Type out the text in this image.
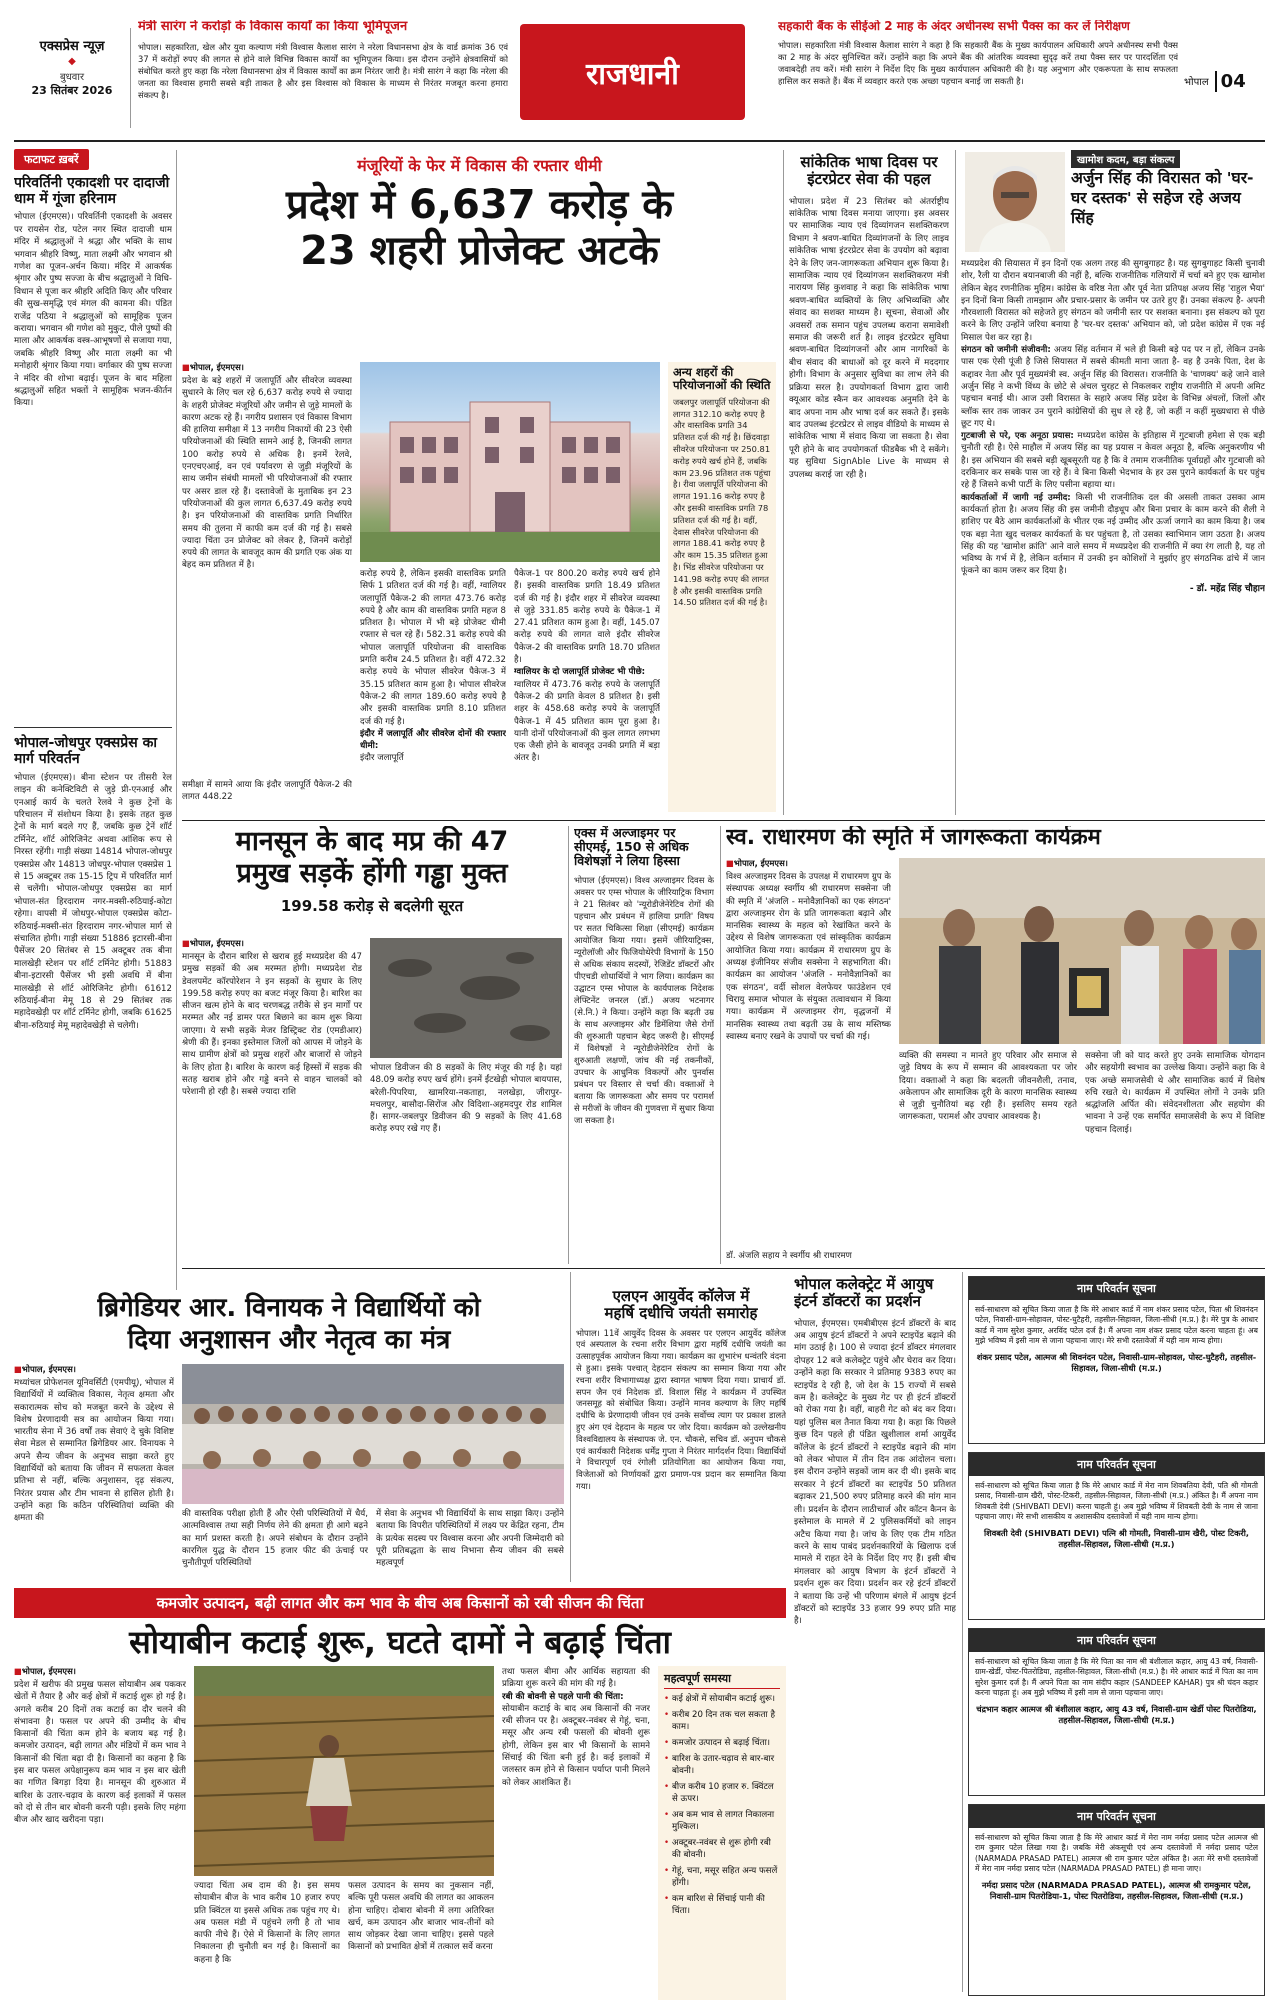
एक्सप्रेस न्यूज़
◆
बुधवार
23 सितंबर 2026
मंत्री सारंग ने करोड़ों के विकास कार्यों का किया भूमिपूजन
भोपाल। सहकारिता, खेल और युवा कल्याण मंत्री विश्वास कैलाश सारंग ने नरेला विधानसभा क्षेत्र के वार्ड क्रमांक 36 एवं 37 में करोड़ों रुपए की लागत से होने वाले विभिन्न विकास कार्यों का भूमिपूजन किया। इस दौरान उन्होंने क्षेत्रवासियों को संबोधित करते हुए कहा कि नरेला विधानसभा क्षेत्र में विकास कार्यों का क्रम निरंतर जारी है। मंत्री सारंग ने कहा कि नरेला की जनता का विश्वास हमारी सबसे बड़ी ताकत है और इस विश्वास को विकास के माध्यम से निरंतर मजबूत करना हमारा संकल्प है।
राजधानी
सहकारी बैंक के सीईओ 2 माह के अंदर अधीनस्थ सभी पैक्स का कर लें निरीक्षण
भोपाल। सहकारिता मंत्री विश्वास कैलाश सारंग ने कहा है कि सहकारी बैंक के मुख्य कार्यपालन अधिकारी अपने अधीनस्थ सभी पैक्स का 2 माह के अंदर सुनिश्चित करें। उन्होंने कहा कि अपने बैंक की आंतरिक व्यवस्था सुदृढ़ करें तथा पैक्स स्तर पर पारदर्शिता एवं जवाबदेही तय करें। मंत्री सारंग ने निर्देश दिए कि मुख्य कार्यपालन अधिकारी की है। यह अनुभाग और एकरूपता के साथ सफलता हासिल कर सकते हैं। बैंक में व्यवहार करते एक अच्छा पहचान बनाई जा सकती है।	भोपाल 04
फटाफट ख़बरें
परिवर्तिनी एकादशी पर दादाजी धाम में गूंजा हरिनाम
भोपाल (ईएमएस)। परिवर्तिनी एकादशी के अवसर पर रायसेन रोड, पटेल नगर स्थित दादाजी धाम मंदिर में श्रद्धालुओं ने श्रद्धा और भक्ति के साथ भगवान श्रीहरि विष्णु, माता लक्ष्मी और भगवान श्री गणेश का पूजन-अर्चन किया। मंदिर में आकर्षक श्रृंगार और पुष्प सज्जा के बीच श्रद्धालुओं ने विधि-विधान से पूजा कर श्रीहरि अदिति किए और परिवार की सुख-समृद्धि एवं मंगल की कामना की। पंडित राजेंद्र पठिया ने श्रद्धालुओं को सामूहिक पूजन कराया। भगवान श्री गणेश को मुकुट, पीले पुष्पों की माला और आकर्षक वस्त्र-आभूषणों से सजाया गया, जबकि श्रीहरि विष्णु और माता लक्ष्मी का भी मनोहारी श्रृंगार किया गया। वर्गाकार की पुष्प सज्जा ने मंदिर की शोभा बढ़ाई। पूजन के बाद महिला श्रद्धालुओं सहित भक्तों ने सामूहिक भजन-कीर्तन किया।
भोपाल-जोधपुर एक्सप्रेस का मार्ग परिवर्तन
भोपाल (ईएमएस)। बीना स्टेशन पर तीसरी रेल लाइन की कनेक्टिविटी से जुड़े प्री-एनआई और एनआई कार्य के चलते रेलवे ने कुछ ट्रेनों के परिचालन में संशोधन किया है। इसके तहत कुछ ट्रेनों के मार्ग बदले गए हैं, जबकि कुछ ट्रेनें शॉर्ट टर्मिनेट, शॉर्ट ओरिजिनेट अथवा आंशिक रूप से निरस्त रहेंगी। गाड़ी संख्या 14814 भोपाल-जोधपुर एक्सप्रेस और 14813 जोधपुर-भोपाल एक्सप्रेस 1 से 15 अक्टूबर तक 15-15 ट्रिप में परिवर्तित मार्ग से चलेंगी। भोपाल-जोधपुर एक्सप्रेस का मार्ग भोपाल-संत हिरदाराम नगर-मक्सी-रुठियाई-कोटा रहेगा। वापसी में जोधपुर-भोपाल एक्सप्रेस कोटा-रुठियाई-मक्सी-संत हिरदाराम नगर-भोपाल मार्ग से संचालित होगी। गाड़ी संख्या 51886 इटारसी-बीना पैसेंजर 20 सितंबर से 15 अक्टूबर तक बीना मालखेड़ी स्टेशन पर शॉर्ट टर्मिनेट होगी। 51883 बीना-इटारसी पैसेंजर भी इसी अवधि में बीना मालखेड़ी से शॉर्ट ओरिजिनेट होगी। 61612 रुठियाई-बीना मेमू 18 से 29 सितंबर तक महादेवखेड़ी पर शॉर्ट टर्मिनेट होगी, जबकि 61625 बीना-रुठियाई मेमू महादेवखेड़ी से चलेगी।
मंजूरियों के फेर में विकास की रफ्तार धीमी
प्रदेश में 6,637 करोड़ के
23 शहरी प्रोजेक्ट अटके
■ भोपाल, ईएमएस।
प्रदेश के बड़े शहरों में जलापूर्ति और सीवरेज व्यवस्था सुधारने के लिए चल रहे 6,637 करोड़ रुपये से ज्यादा के शहरी प्रोजेक्ट मंजूरियों और जमीन से जुड़े मामलों के कारण अटक रहे हैं। नगरीय प्रशासन एवं विकास विभाग की हालिया समीक्षा में 13 नगरीय निकायों की 23 ऐसी परियोजनाओं की स्थिति सामने आई है, जिनकी लागत 100 करोड़ रुपये से अधिक है। इनमें रेलवे, एनएचएआई, वन एवं पर्यावरण से जुड़ी मंजूरियों के साथ जमीन संबंधी मामलों भी परियोजनाओं की रफ्तार पर असर डाल रहे हैं। दस्तावेजों के मुताबिक इन 23 परियोजनाओं की कुल लागत 6,637.49 करोड़ रुपये है। इन परियोजनाओं की वास्तविक प्रगति निर्धारित समय की तुलना में काफी कम दर्ज की गई है। सबसे ज्यादा चिंता उन प्रोजेक्ट को लेकर है, जिनमें करोड़ों रुपये की लागत के बावजूद काम की प्रगति एक अंक या बेहद कम प्रतिशत में है।
समीक्षा में सामने आया कि इंदौर जलापूर्ति पैकेज-2 की लागत 448.22
करोड़ रुपये है, लेकिन इसकी वास्तविक प्रगति सिर्फ 1 प्रतिशत दर्ज की गई है। वहीं, ग्वालियर जलापूर्ति पैकेज-2 की लागत 473.76 करोड़ रुपये है और काम की वास्तविक प्रगति महज 8 प्रतिशत है। भोपाल में भी बड़े प्रोजेक्ट धीमी रफ्तार से चल रहे हैं। 582.31 करोड़ रुपये की भोपाल जलापूर्ति परियोजना की वास्तविक प्रगति करीब 24.5 प्रतिशत है। वहीं 472.32 करोड़ रुपये के भोपाल सीवरेज पैकेज-3 में 35.15 प्रतिशत काम हुआ है। भोपाल सीवरेज पैकेज-2 की लागत 189.60 करोड़ रुपये है और इसकी वास्तविक प्रगति 8.10 प्रतिशत दर्ज की गई है।
इंदौर में जलापूर्ति और सीवरेज दोनों की रफ्तार धीमी:
इंदौर जलापूर्ति
पैकेज-1 पर 800.20 करोड़ रुपये खर्च होने हैं। इसकी वास्तविक प्रगति 18.49 प्रतिशत दर्ज की गई है। इंदौर शहर में सीवरेज व्यवस्था से जुड़े 331.85 करोड़ रुपये के पैकेज-1 में 27.41 प्रतिशत काम हुआ है। वहीं, 145.07 करोड़ रुपये की लागत वाले इंदौर सीवरेज पैकेज-2 की वास्तविक प्रगति 18.70 प्रतिशत है।
ग्वालियर के दो जलापूर्ति प्रोजेक्ट भी पीछे:
ग्वालियर में 473.76 करोड़ रुपये के जलापूर्ति पैकेज-2 की प्रगति केवल 8 प्रतिशत है। इसी शहर के 458.68 करोड़ रुपये के जलापूर्ति पैकेज-1 में 45 प्रतिशत काम पूरा हुआ है। यानी दोनों परियोजनाओं की कुल लागत लगभग एक जैसी होने के बावजूद उनकी प्रगति में बड़ा अंतर है।
अन्य शहरों की परियोजनाओं की स्थिति
जबलपुर जलापूर्ति परियोजना की लागत 312.10 करोड़ रुपए है और वास्तविक प्रगति 34 प्रतिशत दर्ज की गई है। छिंदवाड़ा सीवरेज परियोजना पर 250.81 करोड़ रुपये खर्च होने हैं, जबकि काम 23.96 प्रतिशत तक पहुंचा है। रीवा जलापूर्ति परियोजना की लागत 191.16 करोड़ रुपए है और इसकी वास्तविक प्रगति 78 प्रतिशत दर्ज की गई है। वहीं, देवास सीवरेज परियोजना की लागत 188.41 करोड़ रुपए है और काम 15.35 प्रतिशत हुआ है। भिंड सीवरेज परियोजना पर 141.98 करोड़ रुपए की लागत है और इसकी वास्तविक प्रगति 14.50 प्रतिशत दर्ज की गई है।
सांकेतिक भाषा दिवस पर इंटरप्रेटर सेवा की पहल
भोपाल। प्रदेश में 23 सितंबर को अंतर्राष्ट्रीय सांकेतिक भाषा दिवस मनाया जाएगा। इस अवसर पर सामाजिक न्याय एवं दिव्यांगजन सशक्तिकरण विभाग ने श्रवण-बाधित दिव्यांगजनों के लिए लाइव सांकेतिक भाषा इंटरप्रेटर सेवा के उपयोग को बढ़ावा देने के लिए जन-जागरूकता अभियान शुरू किया है। सामाजिक न्याय एवं दिव्यांगजन सशक्तिकरण मंत्री नारायण सिंह कुशवाह ने कहा कि सांकेतिक भाषा श्रवण-बाधित व्यक्तियों के लिए अभिव्यक्ति और संवाद का सशक्त माध्यम है। सूचना, सेवाओं और अवसरों तक समान पहुंच उपलब्ध कराना समावेशी समाज की जरूरी शर्त है। लाइव इंटरप्रेटर सुविधा श्रवण-बाधित दिव्यांगजनों और आम नागरिकों के बीच संवाद की बाधाओं को दूर करने में मददगार होगी। विभाग के अनुसार सुविधा का लाभ लेने की प्रक्रिया सरल है। उपयोगकर्ता विभाग द्वारा जारी क्यूआर कोड स्कैन कर आवश्यक अनुमति देने के बाद अपना नाम और भाषा दर्ज कर सकते हैं। इसके बाद उपलब्ध इंटरप्रेटर से लाइव वीडियो के माध्यम से सांकेतिक भाषा में संवाद किया जा सकता है। सेवा पूरी होने के बाद उपयोगकर्ता फीडबैक भी दे सकेंगे। यह सुविधा SignAble Live के माध्यम से उपलब्ध कराई जा रही है।
खामोश कदम, बड़ा संकल्प
अर्जुन सिंह की विरासत को 'घर-घर दस्तक' से सहेज रहे अजय सिंह
मध्यप्रदेश की सियासत में इन दिनों एक अलग तरह की सुगबुगाहट है। यह सुगबुगाहट किसी चुनावी शोर, रैली या दौरान बयानबाजी की नहीं है, बल्कि राजनीतिक गलियारों में चर्चा बने हुए एक खामोश लेकिन बेहद रणनीतिक मुहिम। कांग्रेस के वरिष्ठ नेता और पूर्व नेता प्रतिपक्ष अजय सिंह 'राहुल भैया' इन दिनों बिना किसी तामझाम और प्रचार-प्रसार के जमीन पर उतरे हुए हैं। उनका संकल्प है- अपनी गौरवशाली विरासत को सहेजते हुए संगठन को जमीनी स्तर पर सशक्त बनाना। इस संकल्प को पूरा करने के लिए उन्होंने जरिया बनाया है 'घर-घर दस्तक' अभियान को, जो प्रदेश कांग्रेस में एक नई मिसाल पेश कर रहा है।
संगठन को जमीनी संजीवनी: अजय सिंह वर्तमान में भले ही किसी बड़े पद पर न हों, लेकिन उनके पास एक ऐसी पूंजी है जिसे सियासत में सबसे कीमती माना जाता है- वह है उनके पिता, देश के कद्दावर नेता और पूर्व मुख्यमंत्री स्व. अर्जुन सिंह की विरासत। राजनीति के 'चाणक्य' कहे जाने वाले अर्जुन सिंह ने कभी विंध्य के छोटे से अंचल चुरहट से निकलकर राष्ट्रीय राजनीति में अपनी अमिट पहचान बनाई थी। आज उसी विरासत के सहारे अजय सिंह प्रदेश के विभिन्न अंचलों, जिलों और ब्लॉक स्तर तक जाकर उन पुराने कांग्रेसियों की सुध ले रहे हैं, जो कहीं न कहीं मुख्यधारा से पीछे छूट गए थे।
गुटबाजी से परे, एक अनूठा प्रयास: मध्यप्रदेश कांग्रेस के इतिहास में गुटबाजी हमेशा से एक बड़ी चुनौती रही है। ऐसे माहौल में अजय सिंह का यह प्रयास न केवल अनूठा है, बल्कि अनुकरणीय भी है। इस अभियान की सबसे बड़ी खूबसूरती यह है कि वे तमाम राजनीतिक पूर्वाग्रहों और गुटबाजी को दरकिनार कर सबके पास जा रहे हैं। वे बिना किसी भेदभाव के हर उस पुराने कार्यकर्ता के घर पहुंच रहे हैं जिसने कभी पार्टी के लिए पसीना बहाया था।
कार्यकर्ताओं में जागी नई उम्मीद: किसी भी राजनीतिक दल की असली ताकत उसका आम कार्यकर्ता होता है। अजय सिंह की इस जमीनी दौड़धूप और बिना प्रचार के काम करने की शैली ने हाशिए पर बैठे आम कार्यकर्ताओं के भीतर एक नई उम्मीद और ऊर्जा जगाने का काम किया है। जब एक बड़ा नेता खुद चलकर कार्यकर्ता के घर पहुंचता है, तो उसका स्वाभिमान जाग उठता है। अजय सिंह की यह 'खामोश क्रांति' आने वाले समय में मध्यप्रदेश की राजनीति में क्या रंग लाती है, यह तो भविष्य के गर्भ में है, लेकिन वर्तमान में उनकी इन कोशिशों ने मुर्झाए हुए संगठनिक ढांचे में जान फूंकने का काम जरूर कर दिया है।
- डॉ. महेंद्र सिंह चौहान
मानसून के बाद मप्र की 47
प्रमुख सड़कें होंगी गड्ढा मुक्त
199.58 करोड़ से बदलेगी सूरत
■ भोपाल, ईएमएस।
मानसून के दौरान बारिश से खराब हुई मध्यप्रदेश की 47 प्रमुख सड़कों की अब मरम्मत होगी। मध्यप्रदेश रोड डेवलपमेंट कॉरपोरेशन ने इन सड़कों के सुधार के लिए 199.58 करोड़ रुपए का बजट मंजूर किया है। बारिश का सीजन खत्म होने के बाद चरणबद्ध तरीके से इन मार्गों पर मरम्मत और नई डामर परत बिछाने का काम शुरू किया जाएगा। ये सभी सड़कें मेजर डिस्ट्रिक्ट रोड (एमडीआर) श्रेणी की हैं। इनका इस्तेमाल जिलों को आपस में जोड़ने के साथ ग्रामीण क्षेत्रों को प्रमुख शहरों और बाजारों से जोड़ने के लिए होता है। बारिश के कारण कई हिस्सों में सड़क की सतह खराब होने और गड्ढे बनने से वाहन चालकों को परेशानी हो रही है। सबसे ज्यादा राशि
भोपाल डिवीजन की 8 सड़कों के लिए मंजूर की गई है। यहां 48.09 करोड़ रुपए खर्च होंगे। इनमें ईंटखेड़ी भोपाल बायपास, बरेली-पिपरिया, खामरिया-नकताहा, नलखेड़ा, जीरापुर-मचलपुर, बासौदा-सिरोंज और विदिशा-अहमदपुर रोड शामिल हैं। सागर-जबलपुर डिवीजन की 9 सड़कों के लिए 41.68 करोड़ रुपए रखे गए हैं।
एक्स में अल्जाइमर पर सीएमई, 150 से अधिक विशेषज्ञों ने लिया हिस्सा
भोपाल (ईएमएस)। विश्व अल्जाइमर दिवस के अवसर पर एम्स भोपाल के जीरियाट्रिक विभाग ने 21 सितंबर को 'न्यूरोडीजेनेरेटिव रोगों की पहचान और प्रबंधन में हालिया प्रगति' विषय पर सतत चिकित्सा शिक्षा (सीएमई) कार्यक्रम आयोजित किया गया। इसमें जीरियाट्रिक्स, न्यूरोलॉजी और फिजियोथेरेपी विभागों के 150 से अधिक संकाय सदस्यों, रेजिडेंट डॉक्टरों और पीएचडी शोधार्थियों ने भाग लिया। कार्यक्रम का उद्घाटन एम्स भोपाल के कार्यपालक निदेशक लेफ्टिनेंट जनरल (डॉ.) अजय भटनागर (से.नि.) ने किया। उन्होंने कहा कि बढ़ती उम्र के साथ अल्जाइमर और डिमेंशिया जैसे रोगों की शुरुआती पहचान बेहद जरूरी है। सीएमई में विशेषज्ञों ने न्यूरोडीजेनेरेटिव रोगों के शुरुआती लक्षणों, जांच की नई तकनीकों, उपचार के आधुनिक विकल्पों और पुनर्वास प्रबंधन पर विस्तार से चर्चा की। वक्ताओं ने बताया कि जागरूकता और समय पर परामर्श से मरीजों के जीवन की गुणवत्ता में सुधार किया जा सकता है।
स्व. राधारमण की स्मृति में जागरूकता कार्यक्रम
■ भोपाल, ईएमएस।
विश्व अल्जाइमर दिवस के उपलक्ष में राधारमण ग्रुप के संस्थापक अध्यक्ष स्वर्गीय श्री राधारमण सक्सेना जी की स्मृति में 'अंजलि - मनोवैज्ञानिकों का एक संगठन' द्वारा अल्जाइमर रोग के प्रति जागरूकता बढ़ाने और मानसिक स्वास्थ्य के महत्व को रेखांकित करने के उद्देश्य से विशेष जागरूकता एवं सांस्कृतिक कार्यक्रम आयोजित किया गया। कार्यक्रम में राधारमण ग्रुप के अध्यक्ष इंजीनियर संजीव सक्सेना ने सहभागिता की। कार्यक्रम का आयोजन 'अंजलि - मनोवैज्ञानिकों का एक संगठन', वर्दी सोशल वेलफेयर फाउंडेशन एवं चिरायु समाज भोपाल के संयुक्त तत्वावधान में किया गया। कार्यक्रम में अल्जाइमर रोग, वृद्धजनों में मानसिक स्वास्थ्य तथा बढ़ती उम्र के साथ मस्तिष्क स्वास्थ्य बनाए रखने के उपायों पर चर्चा की गई।
व्यक्ति की समस्या न मानते हुए परिवार और समाज से जुड़े विषय के रूप में सम्मान की आवश्यकता पर जोर दिया। वक्ताओं ने कहा कि बदलती जीवनशैली, तनाव, अकेलापन और सामाजिक दूरी के कारण मानसिक स्वास्थ्य से जुड़ी चुनौतियां बढ़ रही हैं। इसलिए समय रहते जागरूकता, परामर्श और उपचार आवश्यक है।
सक्सेना जी को याद करते हुए उनके सामाजिक योगदान और सहयोगी स्वभाव का उल्लेख किया। उन्होंने कहा कि वे एक अच्छे समाजसेवी थे और सामाजिक कार्य में विशेष रुचि रखते थे। कार्यक्रम में उपस्थित लोगों ने उनके प्रति श्रद्धांजलि अर्पित की। संवेदनशीलता और सहयोग की भावना ने उन्हें एक समर्पित समाजसेवी के रूप में विशिष्ट पहचान दिलाई।
डॉ. अंजलि सहाय ने स्वर्गीय श्री राधारमण
ब्रिगेडियर आर. विनायक ने विद्यार्थियों को
दिया अनुशासन और नेतृत्व का मंत्र
■ भोपाल, ईएमएस।
मध्यांचल प्रोफेशनल यूनिवर्सिटी (एमपीयू), भोपाल में विद्यार्थियों में व्यक्तित्व विकास, नेतृत्व क्षमता और सकारात्मक सोच को मजबूत करने के उद्देश्य से विशेष प्रेरणादायी सत्र का आयोजन किया गया। भारतीय सेना में 36 वर्षों तक सेवाएं दे चुके विशिष्ट सेवा मेडल से सम्मानित ब्रिगेडियर आर. विनायक ने अपने सैन्य जीवन के अनुभव साझा करते हुए विद्यार्थियों को बताया कि जीवन में सफलता केवल प्रतिभा से नहीं, बल्कि अनुशासन, दृढ़ संकल्प, निरंतर प्रयास और टीम भावना से हासिल होती है। उन्होंने कहा कि कठिन परिस्थितियां व्यक्ति की क्षमता की	की वास्तविक परीक्षा होती हैं और ऐसी परिस्थितियों में धैर्य, आत्मविश्वास तथा सही निर्णय लेने की क्षमता ही आगे बढ़ने का मार्ग प्रशस्त करती है। अपने संबोधन के दौरान उन्होंने कारगिल युद्ध के दौरान 15 हजार फीट की ऊंचाई पर चुनौतीपूर्ण परिस्थितियों
में सेवा के अनुभव भी विद्यार्थियों के साथ साझा किए। उन्होंने बताया कि विपरीत परिस्थितियों में लक्ष्य पर केंद्रित रहना, टीम के प्रत्येक सदस्य पर विश्वास करना और अपनी जिम्मेदारी को पूरी प्रतिबद्धता के साथ निभाना सैन्य जीवन की सबसे महत्वपूर्ण
एलएन आयुर्वेद कॉलेज में
महर्षि दधीचि जयंती समारोह
भोपाल। 11वें आयुर्वेद दिवस के अवसर पर एलएन आयुर्वेद कॉलेज एवं अस्पताल के रचना शरीर विभाग द्वारा महर्षि दधीचि जयंती का उत्साहपूर्वक आयोजन किया गया। कार्यक्रम का शुभारंभ धन्वंतरि वंदना से हुआ। इसके पश्चात् देहदान संकल्प का सम्मान किया गया और रचना शरीर विभागाध्यक्ष द्वारा स्वागत भाषण दिया गया। प्राचार्य डॉ. सपन जैन एवं निदेशक डॉ. विशाल सिंह ने कार्यक्रम में उपस्थित जनसमूह को संबोधित किया। उन्होंने मानव कल्याण के लिए महर्षि दधीचि के प्रेरणादायी जीवन एवं उनके सर्वोच्च त्याग पर प्रकाश डालते हुए अंग एवं देहदान के महत्व पर जोर दिया। कार्यक्रम को उल्लेखनीय विश्वविद्यालय के संस्थापक जे. एन. चौकसे, सचिव डॉ. अनुपम चौकसे एवं कार्यकारी निदेशक धर्मेंद्र गुप्ता ने निरंतर मार्गदर्शन दिया। विद्यार्थियों ने विचारपूर्ण एवं रंगोली प्रतियोगिता का आयोजन किया गया, विजेताओं को निर्णायकों द्वारा प्रमाण-पत्र प्रदान कर सम्मानित किया गया।
भोपाल कलेक्ट्रेट में आयुष इंटर्न डॉक्टरों का प्रदर्शन
भोपाल, ईएमएस। एमबीबीएस इंटर्न डॉक्टरों के बाद अब आयुष इंटर्न डॉक्टरों ने अपने स्टाइपेंड बढ़ाने की मांग उठाई है। 100 से ज्यादा इंटर्न डॉक्टर मंगलवार दोपहर 12 बजे कलेक्ट्रेट पहुंचे और घेराव कर दिया। उन्होंने कहा कि सरकार ने प्रतिमाह 9383 रुपए का स्टाइपेंड दे रही है, जो देश के 15 राज्यों में सबसे कम है। कलेक्ट्रेट के मुख्य गेट पर ही इंटर्न डॉक्टरों को रोका गया है। वहीं, बाहरी गेट को बंद कर दिया। यहां पुलिस बल तैनात किया गया है। कहा कि पिछले कुछ दिन पहले ही पंडित खुशीलाल शर्मा आयुर्वेद कॉलेज के इंटर्न डॉक्टरों ने स्टाइपेंड बढ़ाने की मांग को लेकर भोपाल में तीन दिन तक आंदोलन चला। इस दौरान उन्होंने सड़कों जाम कर दी थी। इसके बाद सरकार ने इंटर्न डॉक्टरों का स्टाइपेंड 50 प्रतिशत बढ़ाकर 21,500 रुपए प्रतिमाह करने की मांग मान ली। प्रदर्शन के दौरान लाठीचार्ज और कॉटन कैनन के इस्तेमाल के मामले में 2 पुलिसकर्मियों को लाइन अटैच किया गया है। जांच के लिए एक टीम गठित करने के साथ पाबंद प्रदर्शनकारियों के खिलाफ दर्ज मामले में राहत देने के निर्देश दिए गए हैं। इसी बीच मंगलवार को आयुष विभाग के इंटर्न डॉक्टरों ने प्रदर्शन शुरू कर दिया। प्रदर्शन कर रहे इंटर्न डॉक्टरों ने बताया कि उन्हें भी परिणाम बंगले में आयुष इंटर्न डॉक्टरों को स्टाइपेंड 33 हजार 99 रुपए प्रति माह है।
नाम परिवर्तन सूचना
सर्व-साधारण को सूचित किया जाता है कि मेरे आधार कार्ड में नाम शंकर प्रसाद पटेल, पिता श्री शिवनंदन पटेल, निवासी-ग्राम-सोहावल, पोस्ट-घुटैहरी, तहसील-सिहावल, जिला-सीधी (म.प्र.) है। मेरे पुत्र के आधार कार्ड में नाम सुरेश कुमार, अरविंद पटेल दर्ज है। मैं अपना नाम शंकर प्रसाद पटेल करना चाहता हूं। अब मुझे भविष्य में इसी नाम से जाना पहचाना जाए। मेरे सभी दस्तावेजों में यही नाम मान्य होगा।
शंकर प्रसाद पटेल, आत्मज श्री शिवनंदन पटेल, निवासी-ग्राम-सोहावल, पोस्ट-घुटैहरी, तहसील-सिहावल, जिला-सीधी (म.प्र.)
नाम परिवर्तन सूचना
सर्व-साधारण को सूचित किया जाता है कि मेरे आधार कार्ड में मेरा नाम शिवबतिया देवी, पति श्री गोमती प्रसाद, निवासी-ग्राम खैरी, पोस्ट-टिकरी, तहसील-सिहावल, जिला-सीधी (म.प्र.) अंकित है। मैं अपना नाम शिवबती देवी (SHIVBATI DEVI) करना चाहती हूं। अब मुझे भविष्य में शिवबती देवी के नाम से जाना पहचाना जाए। मेरे सभी शासकीय व अशासकीय दस्तावेजों में यही नाम मान्य होगा।
शिवबती देवी (SHIVBATI DEVI) पत्नि श्री गोमती, निवासी-ग्राम खैरी, पोस्ट टिकरी, तहसील-सिहावल, जिला-सीधी (म.प्र.)
नाम परिवर्तन सूचना
सर्व-साधारण को सूचित किया जाता है कि मेरे पिता का नाम श्री बंशीलाल कहार, आयु 43 वर्ष, निवासी-ग्राम-खेर्डी, पोस्ट-पितरोडिया, तहसील-सिहावल, जिला-सीधी (म.प्र.) है। मेरे आधार कार्ड में पिता का नाम सुरेश कुमार दर्ज है। मैं अपने पिता का नाम संदीप कहार (SANDEEP KAHAR) पुत्र श्री चंदन कहार करना चाहता हूं। अब मुझे भविष्य में इसी नाम से जाना पहचाना जाए।
चंद्रभान कहार आत्मज श्री बंशीलाल कहार, आयु 43 वर्ष, निवासी-ग्राम खेर्डी पोस्ट पितरोडिया, तहसील-सिहावल, जिला-सीधी (म.प्र.)
नाम परिवर्तन सूचना
सर्व-साधारण को सूचित किया जाता है कि मेरे आधार कार्ड में मेरा नाम नर्मदा प्रसाद पटेल आत्मज श्री राम कुमार पटेल लिखा गया है। जबकि मेरी अंकसूची एवं अन्य दस्तावेजों में नर्मदा प्रसाद पटेल (NARMADA PRASAD PATEL) आत्मज श्री राम कुमार पटेल अंकित है। अतः मेरे सभी दस्तावेजों में मेरा नाम नर्मदा प्रसाद पटेल (NARMADA PRASAD PATEL) ही माना जाए।
नर्मदा प्रसाद पटेल (NARMADA PRASAD PATEL), आत्मज श्री रामकुमार पटेल, निवासी-ग्राम पितरोडिया-1, पोस्ट पितरोडिया, तहसील-सिहावल, जिला-सीधी (म.प्र.)
कमजोर उत्पादन, बढ़ी लागत और कम भाव के बीच अब किसानों को रबी सीजन की चिंता
सोयाबीन कटाई शुरू, घटते दामों ने बढ़ाई चिंता
■ भोपाल, ईएमएस।
प्रदेश में खरीफ की प्रमुख फसल सोयाबीन अब पककर खेतों में तैयार है और कई क्षेत्रों में कटाई शुरू हो गई है। अगले करीब 20 दिनों तक कटाई का दौर चलने की संभावना है। फसल पर अपने की उम्मीद के बीच किसानों की चिंता कम होने के बजाय बढ़ गई है। कमजोर उत्पादन, बढ़ी लागत और मंडियों में कम भाव ने किसानों की चिंता बढ़ा दी है। किसानों का कहना है कि इस बार फसल अपेक्षानुरूप कम भाव न इस बार खेती का गणित बिगड़ा दिया है। मानसून की शुरुआत में बारिश के उतार-चढ़ाव के कारण कई इलाकों में फसल को दो से तीन बार बोवनी करनी पड़ी। इसके लिए महंगा बीज और खाद खरीदना पड़ा।
ज्यादा चिंता अब दाम की है। इस समय सोयाबीन बीज के भाव करीब 10 हजार रुपए प्रति क्विंटल या इससे अधिक तक पहुंच गए थे। अब फसल मंडी में पहुंचने लगी है तो भाव काफी नीचे हैं। ऐसे में किसानों के लिए लागत निकालना ही चुनौती बन गई है। किसानों का कहना है कि
फसल उत्पादन के समय का नुकसान नहीं, बल्कि पूरी फसल अवधि की लागत का आकलन होना चाहिए। दोबारा बोवनी में लगा अतिरिक्त खर्च, कम उत्पादन और बाजार भाव-तीनों को साथ जोड़कर देखा जाना चाहिए। इससे पहले किसानों को प्रभावित क्षेत्रों में तत्काल सर्वे करना
तथा फसल बीमा और आर्थिक सहायता की प्रक्रिया शुरू करने की मांग की गई है।
रबी की बोवनी से पहले पानी की चिंता:
सोयाबीन कटाई के बाद अब किसानों की नजर रबी सीजन पर है। अक्टूबर-नवंबर से गेहूं, चना, मसूर और अन्य रबी फसलों की बोवनी शुरू होगी, लेकिन इस बार भी किसानों के सामने सिंचाई की चिंता बनी हुई है। कई इलाकों में जलस्तर कम होने से किसान पर्याप्त पानी मिलने को लेकर आशंकित हैं।
महत्वपूर्ण समस्या
• कई क्षेत्रों में सोयाबीन कटाई शुरू।
• करीब 20 दिन तक चल सकता है काम।
• कमजोर उत्पादन से बढ़ाई चिंता।
• बारिश के उतार-चढ़ाव से बार-बार बोवनी।
• बीज करीब 10 हजार रु. क्विंटल से ऊपर।
• अब कम भाव से लागत निकालना मुश्किल।
• अक्टूबर-नवंबर से शुरू होगी रबी की बोवनी।
• गेहूं, चना, मसूर सहित अन्य फसलें होंगी।
• कम बारिश से सिंचाई पानी की चिंता।
